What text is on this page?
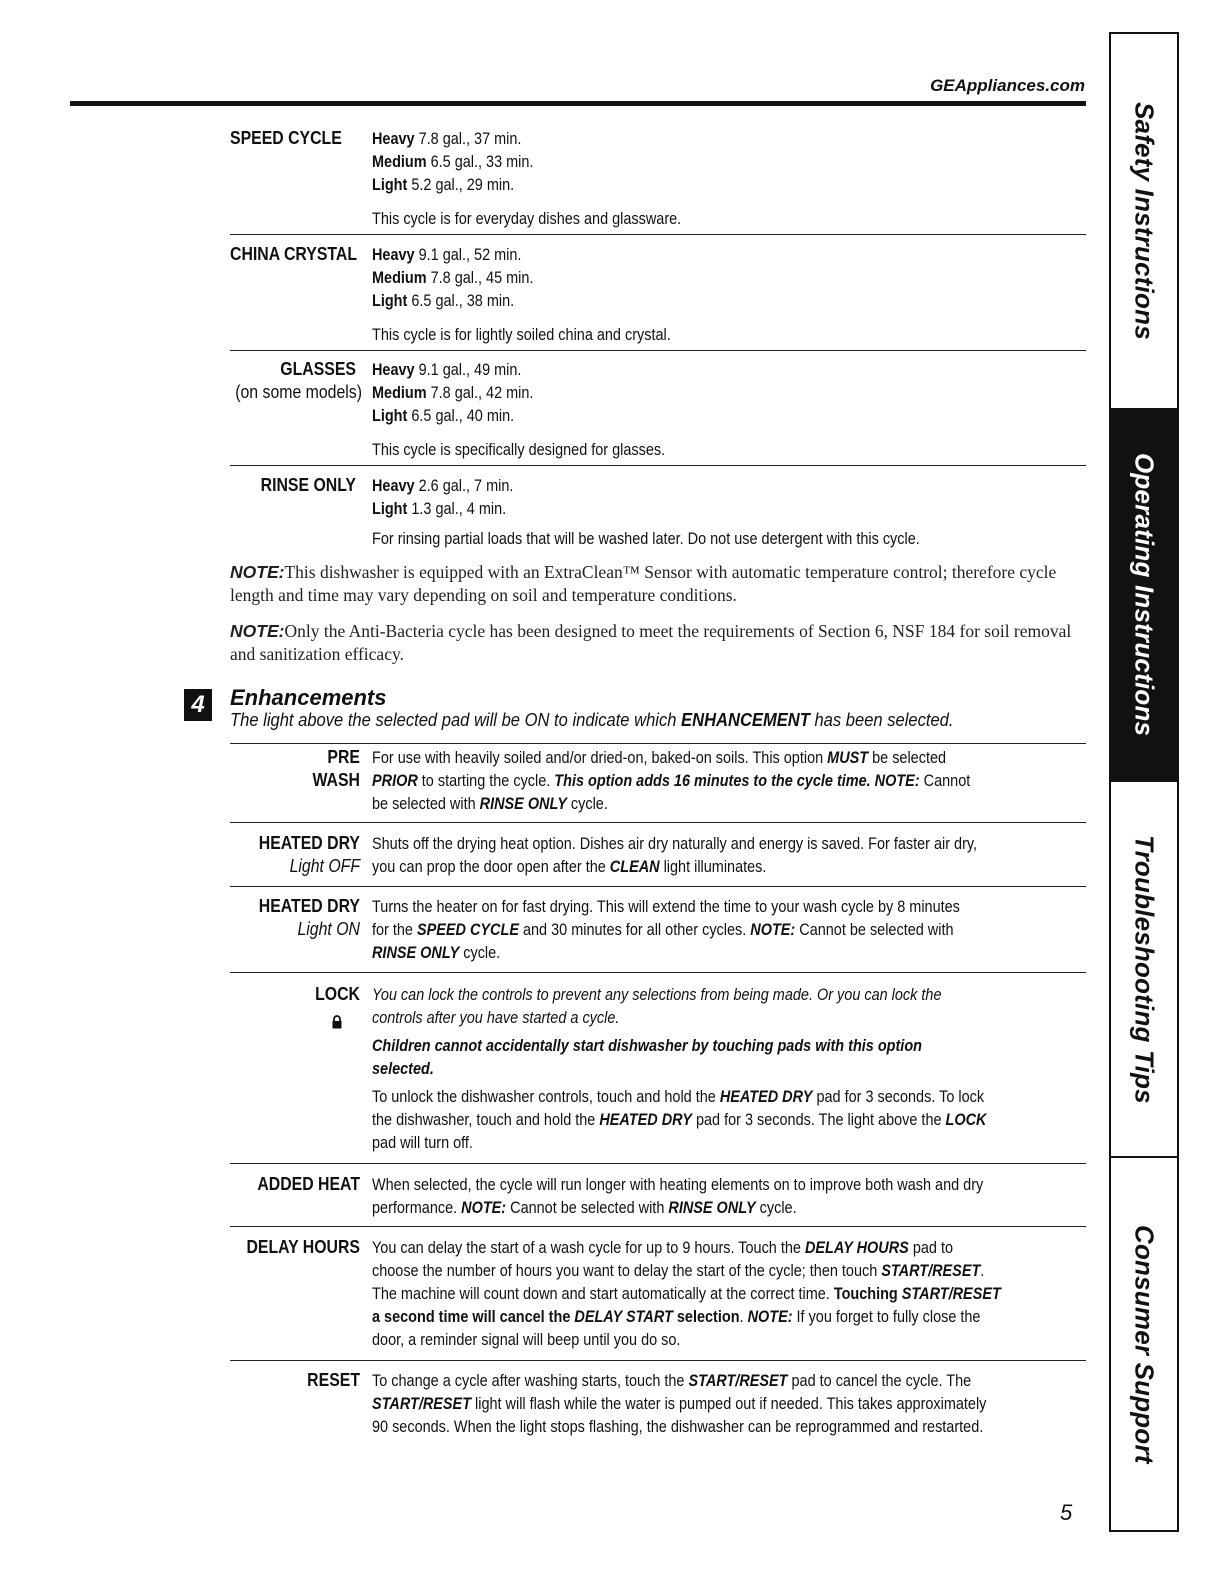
GEAppliances.com
SPEED CYCLE Heavy 7.8 gal., 37 min.
Medium 6.5 gal., 33 min.
Light 5.2 gal., 29 min.
This cycle is for everyday dishes and glassware.
CHINA CRYSTAL Heavy 9.1 gal., 52 min.
Medium 7.8 gal., 45 min.
Light 6.5 gal., 38 min.
This cycle is for lightly soiled china and crystal.
GLASSES
(on some models)
Heavy 9.1 gal., 49 min.
Medium 7.8 gal., 42 min.
Light 6.5 gal., 40 min.
This cycle is specifically designed for glasses.
RINSE ONLY Heavy 2.6 gal., 7 min.
Light 1.3 gal., 4 min.
For rinsing partial loads that will be washed later. Do not use detergent with this cycle.
NOTE:This dishwasher is equipped with an ExtraClean™ Sensor with automatic temperature control; therefore cycle length and time may vary depending on soil and temperature conditions.
NOTE:Only the Anti-Bacteria cycle has been designed to meet the requirements of Section 6, NSF 184 for soil removal and sanitization efficacy.
4	Enhancements
The light above the selected pad will be ON to indicate which ENHANCEMENT has been selected.
PRE
WASH
For use with heavily soiled and/or dried-on, baked-on soils. This option MUST be selected
PRIOR to starting the cycle. This option adds 16 minutes to the cycle time. NOTE: Cannot
be selected with RINSE ONLY cycle.
HEATED DRY
Light OFF
Shuts off the drying heat option. Dishes air dry naturally and energy is saved. For faster air dry,
you can prop the door open after the CLEAN light illuminates.
HEATED DRY
Light ON
Turns the heater on for fast drying. This will extend the time to your wash cycle by 8 minutes
for the SPEED CYCLE and 30 minutes for all other cycles. NOTE: Cannot be selected with
RINSE ONLY cycle.
LOCK You can lock the controls to prevent any selections from being made. Or you can lock the
controls after you have started a cycle.
Children cannot accidentally start dishwasher by touching pads with this option
selected.
To unlock the dishwasher controls, touch and hold the HEATED DRY pad for 3 seconds. To lock
the dishwasher, touch and hold the HEATED DRY pad for 3 seconds. The light above the LOCK
pad will turn off.
ADDED HEAT When selected, the cycle will run longer with heating elements on to improve both wash and dry
performance. NOTE: Cannot be selected with RINSE ONLY cycle.
DELAY HOURS You can delay the start of a wash cycle for up to 9 hours. Touch the DELAY HOURS pad to
choose the number of hours you want to delay the start of the cycle; then touch START/RESET.
The machine will count down and start automatically at the correct time. Touching START/RESET
a second time will cancel the DELAY START selection. NOTE: If you forget to fully close the
door, a reminder signal will beep until you do so.
RESET To change a cycle after washing starts, touch the START/RESET pad to cancel the cycle. The
START/RESET light will flash while the water is pumped out if needed. This takes approximately
90 seconds. When the light stops flashing, the dishwasher can be reprogrammed and restarted.
Safety Instructions
Operating Instructions
Troubleshooting Tips
Consumer Support
5
